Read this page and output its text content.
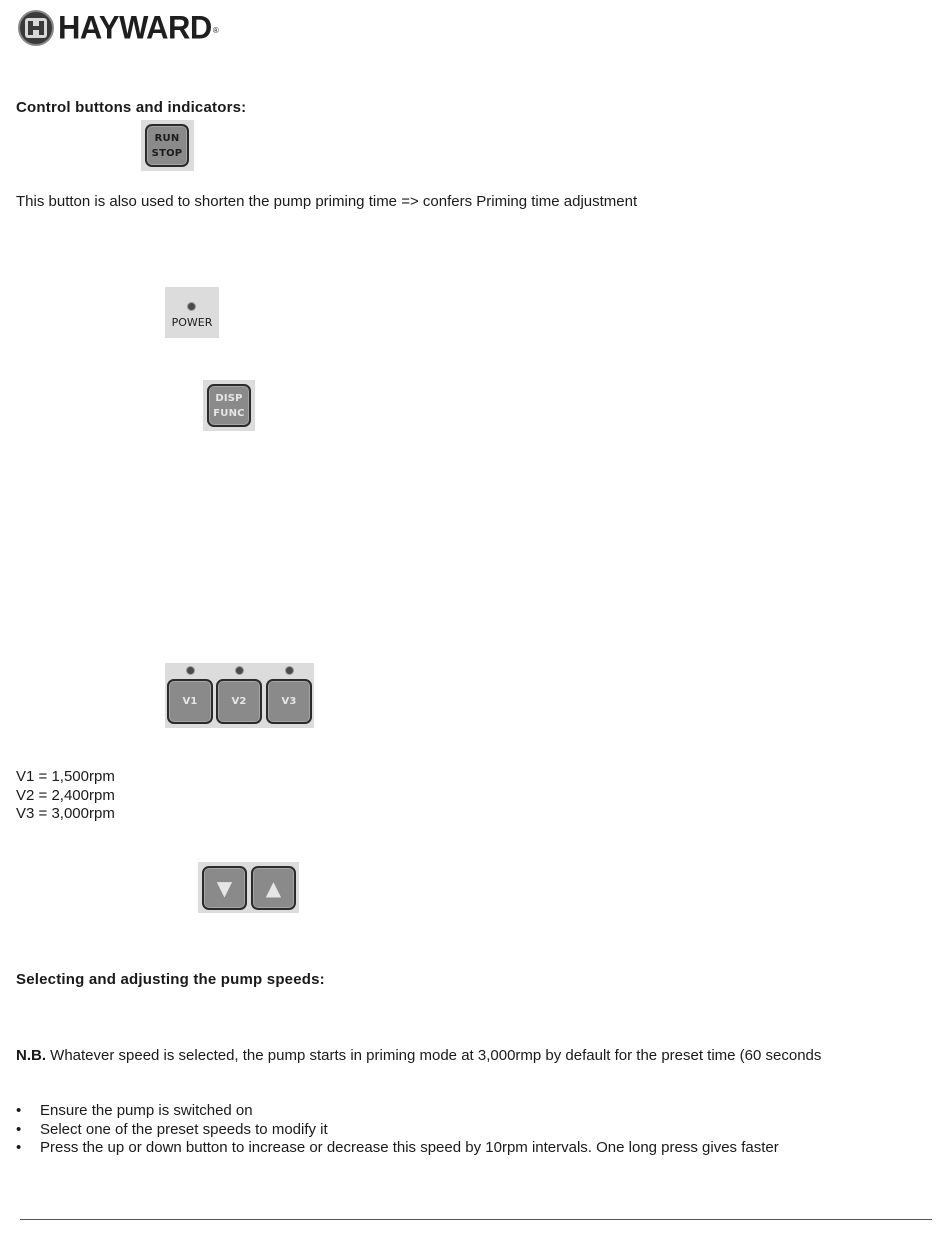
HAYWARD ®
Control buttons and indicators:
RUN
STOP
This button is also used to shorten the pump priming time => confers Priming time adjustment
POWER
DISP
FUNC
V1	V2	V3
V1 = 1,500rpm
V2 = 2,400rpm
V3 = 3,000rpm
▼ ▲
Selecting and adjusting the pump speeds:
N.B. Whatever speed is selected, the pump starts in priming mode at 3,000rmp by default for the preset time (60 seconds
• Ensure the pump is switched on
• Select one of the preset speeds to modify it
• Press the up or down button to increase or decrease this speed by 10rpm intervals. One long press gives faster
